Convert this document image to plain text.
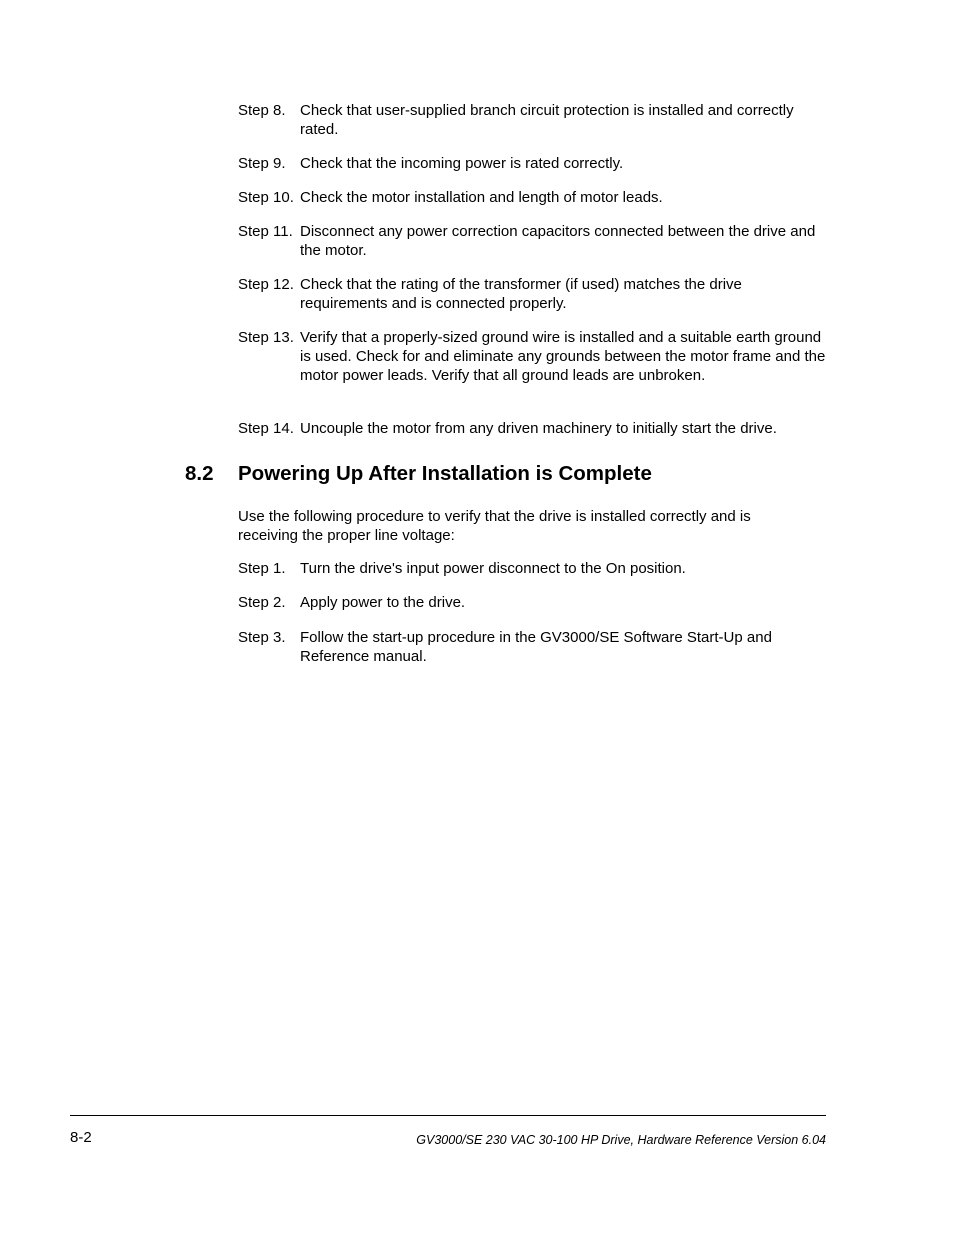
Step 8. Check that user-supplied branch circuit protection is installed and correctly rated.
Step 9. Check that the incoming power is rated correctly.
Step 10. Check the motor installation and length of motor leads.
Step 11. Disconnect any power correction capacitors connected between the drive and the motor.
Step 12. Check that the rating of the transformer (if used) matches the drive requirements and is connected properly.
Step 13. Verify that a properly-sized ground wire is installed and a suitable earth ground is used. Check for and eliminate any grounds between the motor frame and the motor power leads. Verify that all ground leads are unbroken.
Step 14. Uncouple the motor from any driven machinery to initially start the drive.
8.2 Powering Up After Installation is Complete
Use the following procedure to verify that the drive is installed correctly and is receiving the proper line voltage:
Step 1. Turn the drive's input power disconnect to the On position.
Step 2. Apply power to the drive.
Step 3. Follow the start-up procedure in the GV3000/SE Software Start-Up and Reference manual.
8-2	GV3000/SE 230 VAC 30-100 HP Drive, Hardware Reference Version 6.04
